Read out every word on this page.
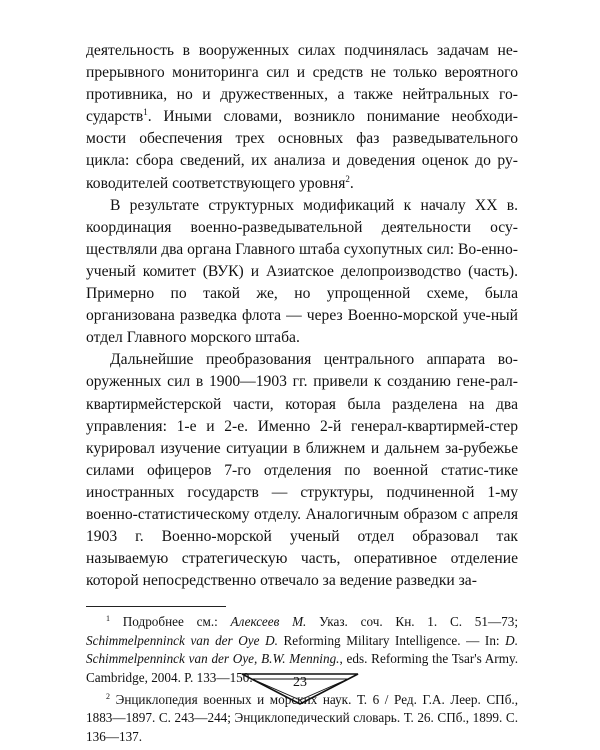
деятельность в вооруженных силах подчинялась задачам не-прерывного мониторинга сил и средств не только вероятного противника, но и дружественных, а также нейтральных го-сударств$^1$. Иными словами, возникло понимание необходи-мости обеспечения трех основных фаз разведывательного цикла: сбора сведений, их анализа и доведения оценок до ру-ководителей соответствующего уровня$^2$.

В результате структурных модификаций к началу XX в. координация военно-разведывательной деятельности осу-ществляли два органа Главного штаба сухопутных сил: Во-енно-ученый комитет (ВУК) и Азиатское делопроизводство (часть). Примерно по такой же, но упрощенной схеме, была организована разведка флота — через Военно-морской уче-ный отдел Главного морского штаба.

Дальнейшие преобразования центрального аппарата во-оруженных сил в 1900—1903 гг. привели к созданию гене-рал-квартирмейстерской части, которая была разделена на два управления: 1-е и 2-е. Именно 2-й генерал-квартирмей-стер курировал изучение ситуации в ближнем и дальнем за-рубежье силами офицеров 7-го отделения по военной статис-тике иностранных государств — структуры, подчиненной 1-му военно-статистическому отделу. Аналогичным образом с апреля 1903 г. Военно-морской ученый отдел образовал так называемую стратегическую часть, оперативное отделение которой непосредственно отвечало за ведение разведки за-

$^1$ Подробнее см.: Алексеев М. Указ. соч. Кн. 1. С. 51—73; Schimmelpenninck van der Oye D. Reforming Military Intelligence. — In: D. Schimmelpenninck van der Oye, B.W. Menning., eds. Reforming the Tsar's Army. Cambridge, 2004. P. 133—150.

$^2$ Энциклопедия военных и морских наук. Т. 6 / Ред. Г.А. Леер. СПб., 1883—1897. С. 243—244; Энциклопедический словарь. Т. 26. СПб., 1899. С. 136—137.

23
